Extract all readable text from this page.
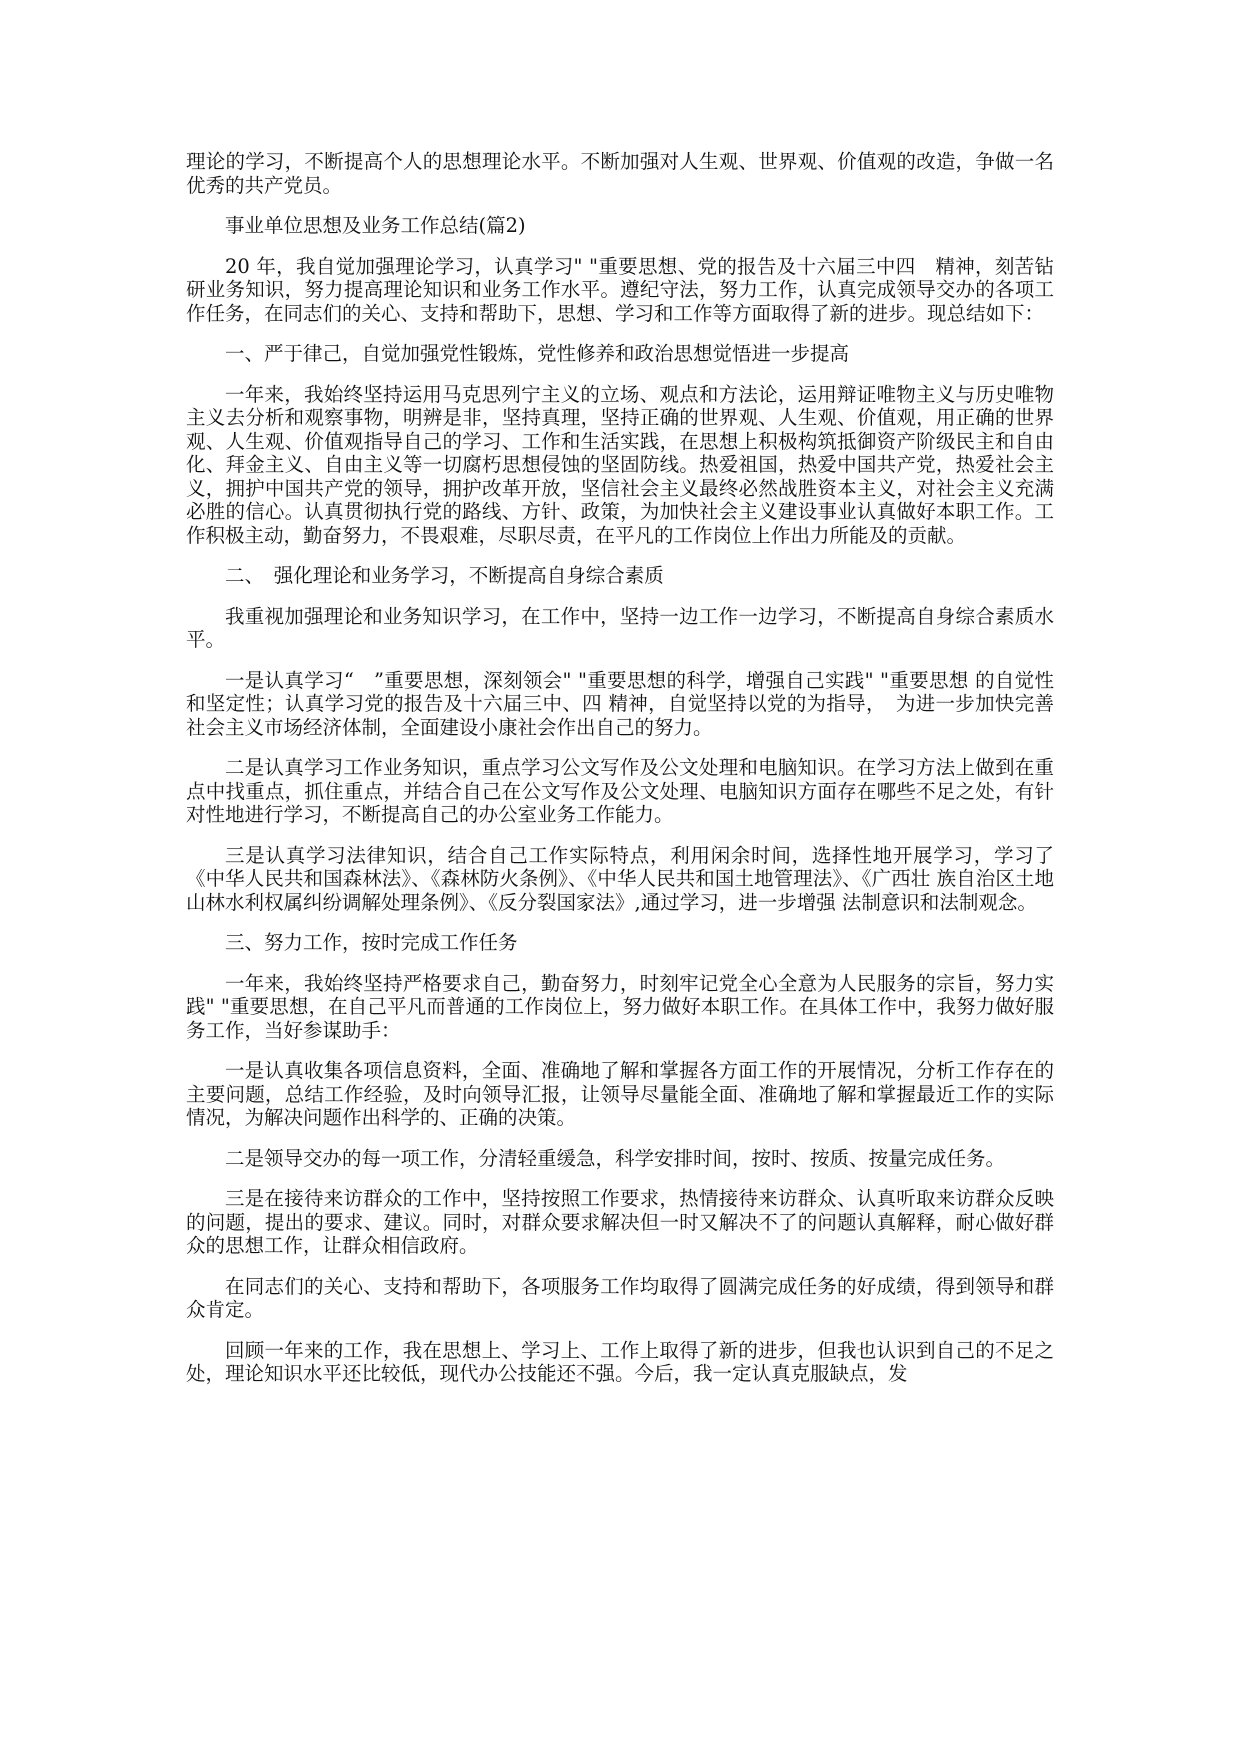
理论的学习，不断提高个人的思想理论水平。不断加强对人生观、世界观、价值观的改造，争做一名优秀的共产党员。

事业单位思想及业务工作总结(篇2)

20 年，我自觉加强理论学习，认真学习" "重要思想、党的报告及十六届三中四　精神，刻苦钻研业务知识，努力提高理论知识和业务工作水平。遵纪守法，努力工作，认真完成领导交办的各项工作任务，在同志们的关心、支持和帮助下，思想、学习和工作等方面取得了新的进步。现总结如下：

一、严于律己，自觉加强党性锻炼，党性修养和政治思想觉悟进一步提高

一年来，我始终坚持运用马克思列宁主义的立场、观点和方法论，运用辩证唯物主义与历史唯物主义去分析和观察事物，明辨是非，坚持真理，坚持正确的世界观、人生观、价值观，用正确的世界观、人生观、价值观指导自己的学习、工作和生活实践，在思想上积极构筑抵御资产阶级民主和自由化、拜金主义、自由主义等一切腐朽思想侵蚀的坚固防线。热爱祖国，热爱中国共产党，热爱社会主义，拥护中国共产党的领导，拥护改革开放，坚信社会主义最终必然战胜资本主义，对社会主义充满必胜的信心。认真贯彻执行党的路线、方针、政策，为加快社会主义建设事业认真做好本职工作。工作积极主动，勤奋努力，不畏艰难，尽职尽责，在平凡的工作岗位上作出力所能及的贡献。

二、　强化理论和业务学习，不断提高自身综合素质

我重视加强理论和业务知识学习，在工作中，坚持一边工作一边学习，不断提高自身综合素质水平。

一是认真学习“　”重要思想，深刻领会" "重要思想的科学，增强自己实践" "重要思想 的自觉性和坚定性；认真学习党的报告及十六届三中、四 精神，自觉坚持以党的为指导，　为进一步加快完善社会主义市场经济体制，全面建设小康社会作出自己的努力。

二是认真学习工作业务知识，重点学习公文写作及公文处理和电脑知识。在学习方法上做到在重点中找重点，抓住重点，并结合自己在公文写作及公文处理、电脑知识方面存在哪些不足之处，有针对性地进行学习，不断提高自己的办公室业务工作能力。

三是认真学习法律知识，结合自己工作实际特点，利用闲余时间，选择性地开展学习，学习了《中华人民共和国森林法》、《森林防火条例》、《中华人民共和国土地管理法》、《广西壮 族自治区土地山林水利权属纠纷调解处理条例》、《反分裂国家法》,通过学习，进一步增强 法制意识和法制观念。

三、努力工作，按时完成工作任务

一年来，我始终坚持严格要求自己，勤奋努力，时刻牢记党全心全意为人民服务的宗旨，努力实践" "重要思想，在自己平凡而普通的工作岗位上，努力做好本职工作。在具体工作中，我努力做好服务工作，当好参谋助手：

一是认真收集各项信息资料，全面、准确地了解和掌握各方面工作的开展情况，分析工作存在的主要问题，总结工作经验，及时向领导汇报，让领导尽量能全面、准确地了解和掌握最近工作的实际情况，为解决问题作出科学的、正确的决策。

二是领导交办的每一项工作，分清轻重缓急，科学安排时间，按时、按质、按量完成任务。

三是在接待来访群众的工作中，坚持按照工作要求，热情接待来访群众、认真听取来访群众反映的问题，提出的要求、建议。同时，对群众要求解决但一时又解决不了的问题认真解释，耐心做好群众的思想工作，让群众相信政府。

在同志们的关心、支持和帮助下，各项服务工作均取得了圆满完成任务的好成绩，得到领导和群众肯定。

回顾一年来的工作，我在思想上、学习上、工作上取得了新的进步，但我也认识到自己的不足之处，理论知识水平还比较低，现代办公技能还不强。今后，我一定认真克服缺点，发
